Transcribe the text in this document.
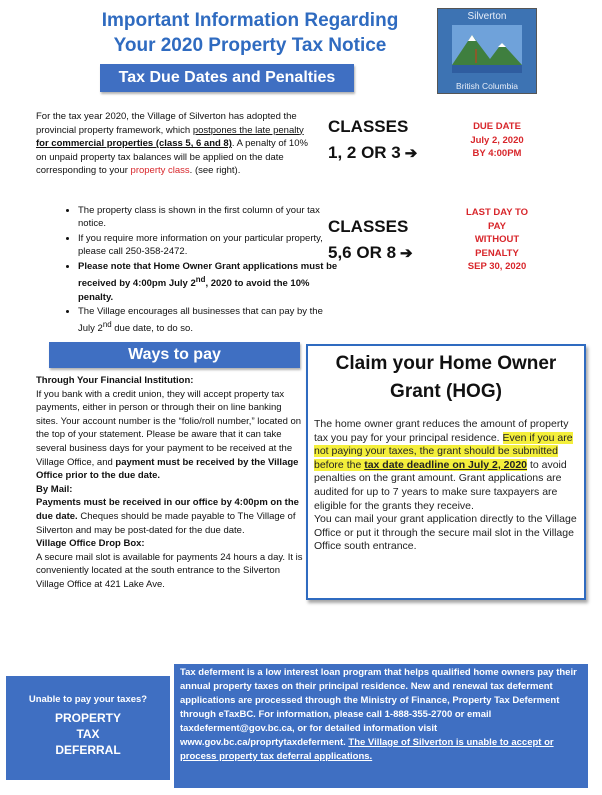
Important Information Regarding
Your 2020 Property Tax Notice
Silverton
British Columbia
Tax Due Dates and Penalties
For the tax year 2020, the Village of Silverton has adopted the provincial property framework, which postpones the late penalty for commercial properties (class 5, 6 and 8). A penalty of 10% on unpaid property tax balances will be applied on the date corresponding to your property class. (see right).
• The property class is shown in the first column of your tax notice.
• If you require more information on your particular property, please call 250-358-2472.
• Please note that Home Owner Grant applications must be received by 4:00pm July 2nd, 2020 to avoid the 10% penalty.
• The Village encourages all businesses that can pay by the July 2nd due date, to do so.
CLASSES
1, 2 OR 3 ➔
DUE DATE
July 2, 2020
BY 4:00PM
CLASSES
5,6 OR 8 ➔
LAST DAY TO
PAY
WITHOUT
PENALTY
SEP 30, 2020
Ways to pay

Through Your Financial Institution:

If you bank with a credit union, they will accept property tax payments, either in person or through their on line banking sites. Your account number is the “folio/roll number,” located on the top of your statement. Please be aware that it can take several business days for your payment to be received at the Village Office, and payment must be received by the Village Office prior to the due date.

By Mail:

Payments must be received in our office by 4:00pm on the due date. Cheques should be made payable to The Village of Silverton and may be post-dated for the due date.

Village Office Drop Box:

A secure mail slot is available for payments 24 hours a day. It is conveniently located at the south entrance to the Silverton Village Office at 421 Lake Ave.

Claim your Home Owner Grant (HOG)
The home owner grant reduces the amount of property tax you pay for your principal residence. Even if you are not paying your taxes, the grant should be submitted before the tax date deadline on July 2, 2020 to avoid penalties on the grant amount. Grant applications are audited for up to 7 years to make sure taxpayers are eligible for the grants they receive.
You can mail your grant application directly to the Village Office or put it through the secure mail slot in the Village Office south entrance.
Unable to pay your taxes?
PROPERTY
TAX
DEFERRAL
Tax deferment is a low interest loan program that helps qualified home owners pay their annual property taxes on their principal residence. New and renewal tax deferment applications are processed through the Ministry of Finance, Property Tax Deferment through eTaxBC. For information, please call 1-888-355-2700 or email taxdeferment@gov.bc.ca, or for detailed information visit www.gov.bc.ca/proprtytaxdeferment. The Village of Silverton is unable to accept or process property tax deferral applications.
